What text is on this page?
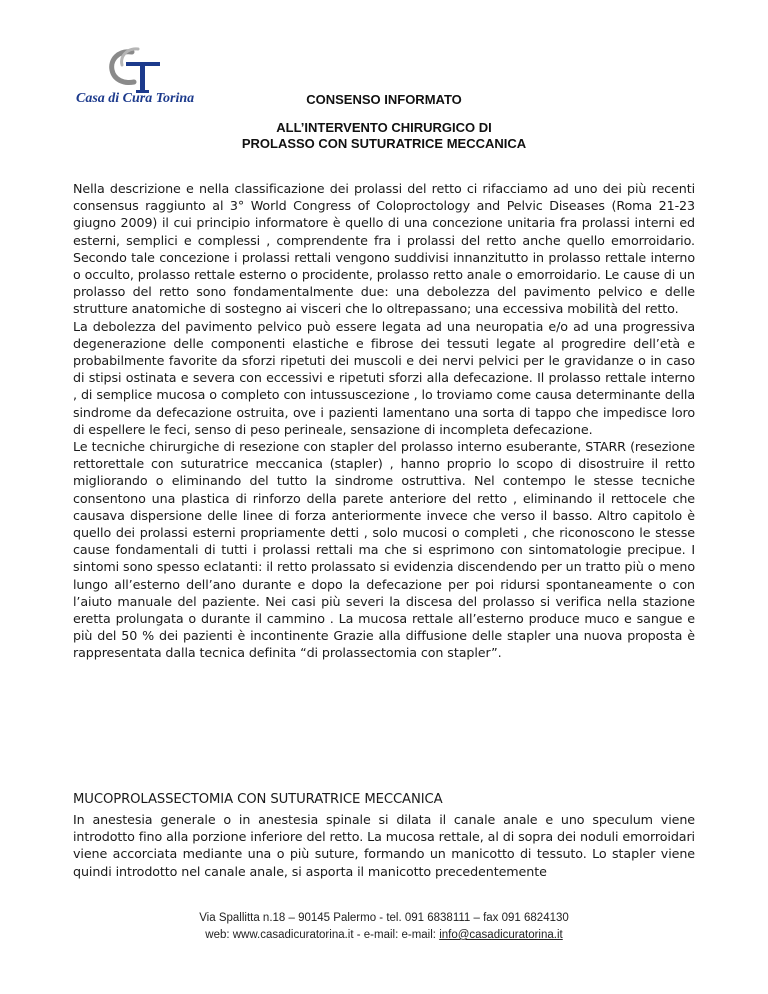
Casa di Cura Torina	CONSENSO INFORMATO
ALL’INTERVENTO CHIRURGICO DI
PROLASSO CON SUTURATRICE MECCANICA

Nella descrizione e nella classificazione dei prolassi del retto ci rifacciamo ad uno dei più recenti consensus raggiunto al 3° World Congress of Coloproctology and Pelvic Diseases (Roma 21-23 giugno 2009) il cui principio informatore è quello di una concezione unitaria fra prolassi interni ed esterni, semplici e complessi , comprendente fra i prolassi del retto anche quello emorroidario. Secondo tale concezione i prolassi rettali vengono suddivisi innanzitutto in prolasso rettale interno o occulto, prolasso rettale esterno o procidente, prolasso retto anale o emorroidario. Le cause di un prolasso del retto sono fondamentalmente due: una debolezza del pavimento pelvico e delle strutture anatomiche di sostegno ai visceri che lo oltrepassano; una eccessiva mobilità del retto.

La debolezza del pavimento pelvico può essere legata ad una neuropatia e/o ad una progressiva degenerazione delle componenti elastiche e fibrose dei tessuti legate al progredire dell’età e probabilmente favorite da sforzi ripetuti dei muscoli e dei nervi pelvici per le gravidanze o in caso di stipsi ostinata e severa con eccessivi e ripetuti sforzi alla defecazione. Il prolasso rettale interno , di semplice mucosa o completo con intussuscezione , lo troviamo come causa determinante della sindrome da defecazione ostruita, ove i pazienti lamentano una sorta di tappo che impedisce loro di espellere le feci, senso di peso perineale, sensazione di incompleta defecazione.

Le tecniche chirurgiche di resezione con stapler del prolasso interno esuberante, STARR (resezione rettorettale con suturatrice meccanica (stapler) , hanno proprio lo scopo di disostruire il retto migliorando o eliminando del tutto la sindrome ostruttiva. Nel contempo le stesse tecniche consentono una plastica di rinforzo della parete anteriore del retto , eliminando il rettocele che causava dispersione delle linee di forza anteriormente invece che verso il basso. Altro capitolo è quello dei prolassi esterni propriamente detti , solo mucosi o completi , che riconoscono le stesse cause fondamentali di tutti i prolassi rettali ma che si esprimono con sintomatologie precipue. I sintomi sono spesso eclatanti: il retto prolassato si evidenzia discendendo per un tratto più o meno lungo all’esterno dell’ano durante e dopo la defecazione per poi ridursi spontaneamente o con l’aiuto manuale del paziente. Nei casi più severi la discesa del prolasso si verifica nella stazione eretta prolungata o durante il cammino . La mucosa rettale all’esterno produce muco e sangue e più del 50 % dei pazienti è incontinente Grazie alla diffusione delle stapler una nuova proposta è rappresentata dalla tecnica definita “di prolassectomia con stapler”.

MUCOPROLASSECTOMIA CON SUTURATRICE MECCANICA
In anestesia generale o in anestesia spinale si dilata il canale anale e uno speculum viene introdotto fino alla porzione inferiore del retto. La mucosa rettale, al di sopra dei noduli emorroidari viene accorciata mediante una o più suture, formando un manicotto di tessuto. Lo stapler viene quindi introdotto nel canale anale, si asporta il manicotto precedentemente
Via Spallitta n.18 – 90145 Palermo - tel. 091 6838111 – fax 091 6824130
web: www.casadicuratorina.it - e-mail: e-mail: info@casadicuratorina.it
